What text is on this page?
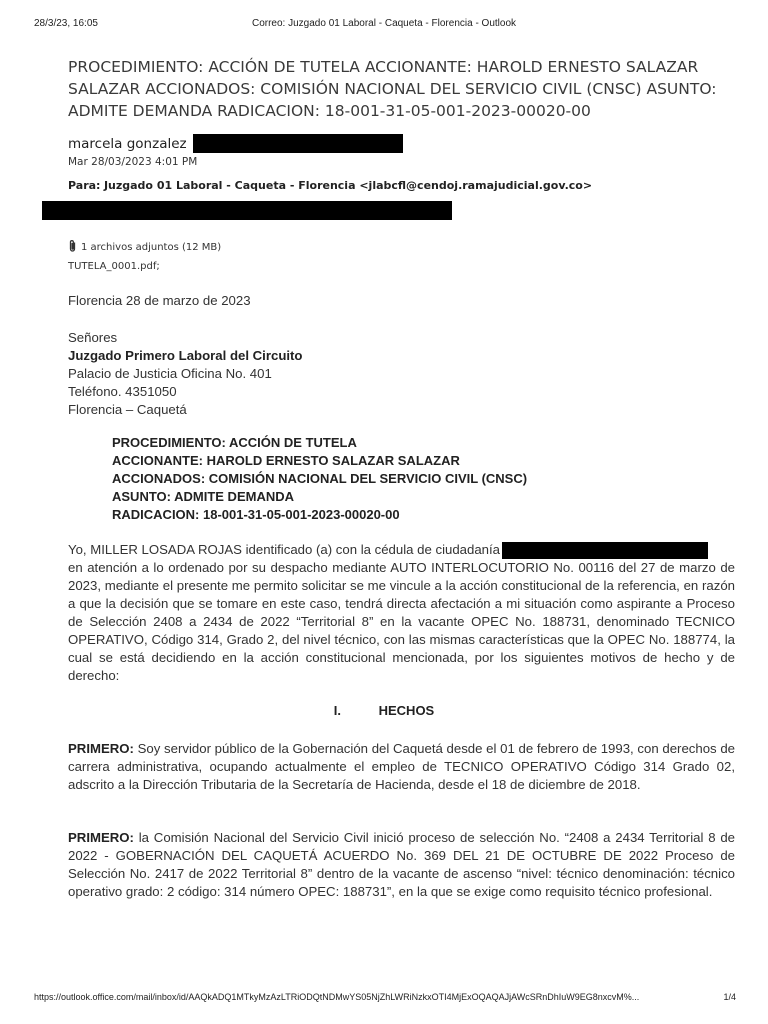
28/3/23, 16:05	Correo: Juzgado 01 Laboral - Caqueta - Florencia - Outlook
PROCEDIMIENTO: ACCIÓN DE TUTELA ACCIONANTE: HAROLD ERNESTO SALAZAR SALAZAR ACCIONADOS: COMISIÓN NACIONAL DEL SERVICIO CIVIL (CNSC) ASUNTO: ADMITE DEMANDA RADICACION: 18-001-31-05-001-2023-00020-00
marcela gonzalez
Mar 28/03/2023 4:01 PM
Para: Juzgado 01 Laboral - Caqueta - Florencia <jlabcfl@cendoj.ramajudicial.gov.co>
1 archivos adjuntos (12 MB)
TUTELA_0001.pdf;
Florencia 28 de marzo de 2023
Señores
Juzgado Primero Laboral del Circuito
Palacio de Justicia Oficina No. 401
Teléfono. 4351050
Florencia – Caquetá
PROCEDIMIENTO: ACCIÓN DE TUTELA
ACCIONANTE: HAROLD ERNESTO SALAZAR SALAZAR
ACCIONADOS: COMISIÓN NACIONAL DEL SERVICIO CIVIL (CNSC)
ASUNTO: ADMITE DEMANDA
RADICACION: 18-001-31-05-001-2023-00020-00
Yo, MILLER LOSADA ROJAS identificado (a) con la cédula de ciudadanía

en atención a lo ordenado por su despacho mediante AUTO INTERLOCUTORIO No. 00116 del 27 de marzo de 2023, mediante el presente me permito solicitar se me vincule a la acción constitucional de la referencia, en razón a que la decisión que se tomare en este caso, tendrá directa afectación a mi situación como aspirante a Proceso de Selección 2408 a 2434 de 2022 “Territorial 8” en la vacante OPEC No. 188731, denominado TECNICO OPERATIVO, Código 314, Grado 2, del nivel técnico, con las mismas características que la OPEC No. 188774, la cual se está decidiendo en la acción constitucional mencionada, por los siguientes motivos de hecho y de derecho:

I.	HECHOS

PRIMERO: Soy servidor público de la Gobernación del Caquetá desde el 01 de febrero de 1993, con derechos de carrera administrativa, ocupando actualmente el empleo de TECNICO OPERATIVO Código 314 Grado 02, adscrito a la Dirección Tributaria de la Secretaría de Hacienda, desde el 18 de diciembre de 2018.

PRIMERO: la Comisión Nacional del Servicio Civil inició proceso de selección No. “2408 a 2434 Territorial 8 de 2022 - GOBERNACIÓN DEL CAQUETÁ ACUERDO No. 369 DEL 21 DE OCTUBRE DE 2022 Proceso de Selección No. 2417 de 2022 Territorial 8” dentro de la vacante de ascenso “nivel: técnico denominación: técnico operativo grado: 2 código: 314 número OPEC: 188731”, en la que se exige como requisito técnico profesional.

https://outlook.office.com/mail/inbox/id/AAQkADQ1MTkyMzAzLTRiODQtNDMwYS05NjZhLWRiNzkxOTI4MjExOQAQAJjAWcSRnDhIuW9EG8nxcvM%...	1/4
